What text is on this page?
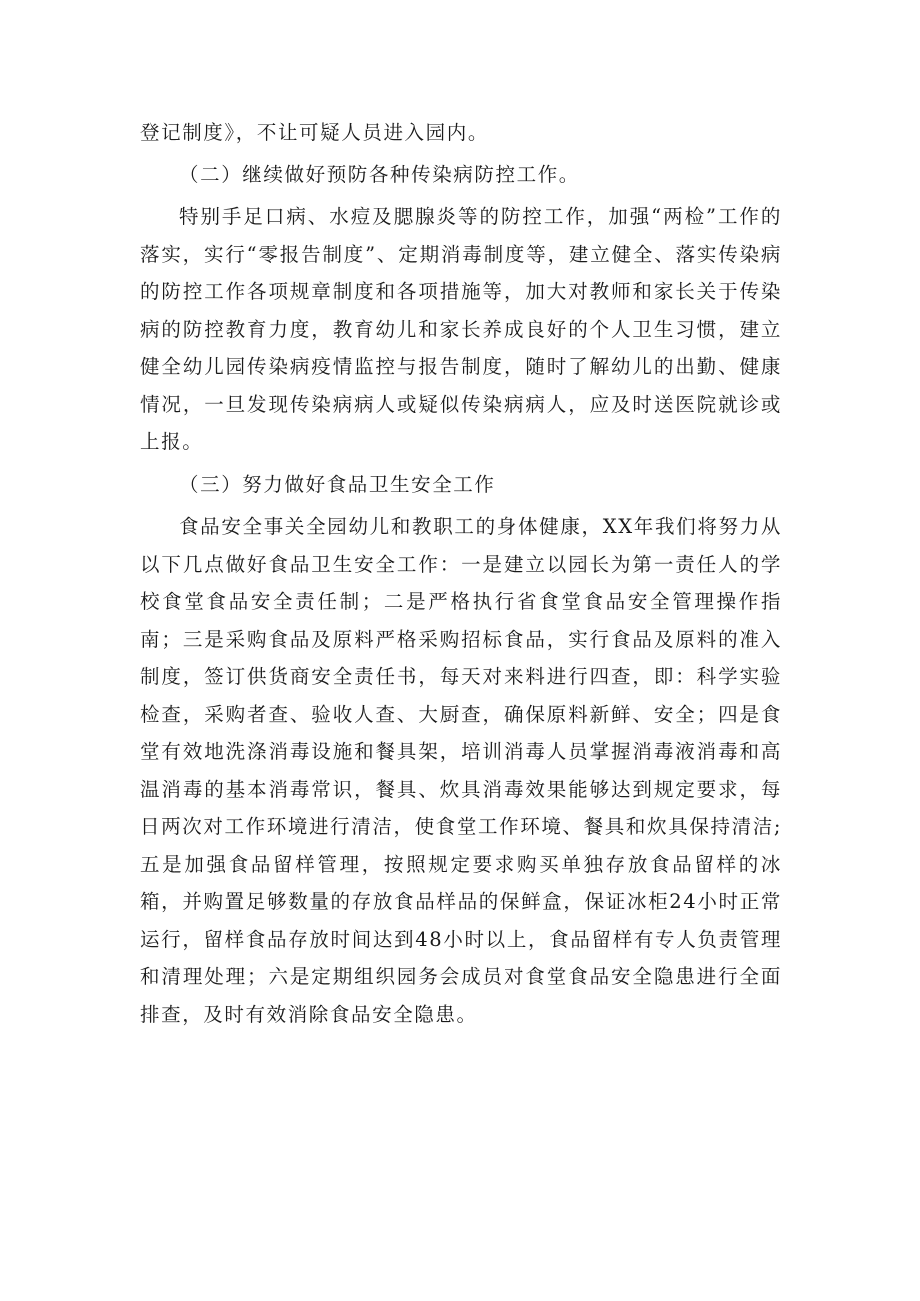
登记制度》，不让可疑人员进入园内。

（二）继续做好预防各种传染病防控工作。

特别手足口病、水痘及腮腺炎等的防控工作，加强“两检”工作的落实，实行“零报告制度”、定期消毒制度等，建立健全、落实传染病的防控工作各项规章制度和各项措施等，加大对教师和家长关于传染病的防控教育力度，教育幼儿和家长养成良好的个人卫生习惯，建立健全幼儿园传染病疫情监控与报告制度，随时了解幼儿的出勤、健康情况，一旦发现传染病病人或疑似传染病病人，应及时送医院就诊或上报。

（三）努力做好食品卫生安全工作

食品安全事关全园幼儿和教职工的身体健康，XX年我们将努力从以下几点做好食品卫生安全工作：一是建立以园长为第一责任人的学校食堂食品安全责任制；二是严格执行省食堂食品安全管理操作指南；三是采购食品及原料严格采购招标食品，实行食品及原料的准入制度，签订供货商安全责任书，每天对来料进行四查，即：科学实验检查，采购者查、验收人查、大厨查，确保原料新鲜、安全；四是食堂有效地洗涤消毒设施和餐具架，培训消毒人员掌握消毒液消毒和高温消毒的基本消毒常识，餐具、炊具消毒效果能够达到规定要求，每日两次对工作环境进行清洁，使食堂工作环境、餐具和炊具保持清洁;五是加强食品留样管理，按照规定要求购买单独存放食品留样的冰箱，并购置足够数量的存放食品样品的保鲜盒，保证冰柜24小时正常运行，留样食品存放时间达到48小时以上，食品留样有专人负责管理和清理处理；六是定期组织园务会成员对食堂食品安全隐患进行全面排查，及时有效消除食品安全隐患。
